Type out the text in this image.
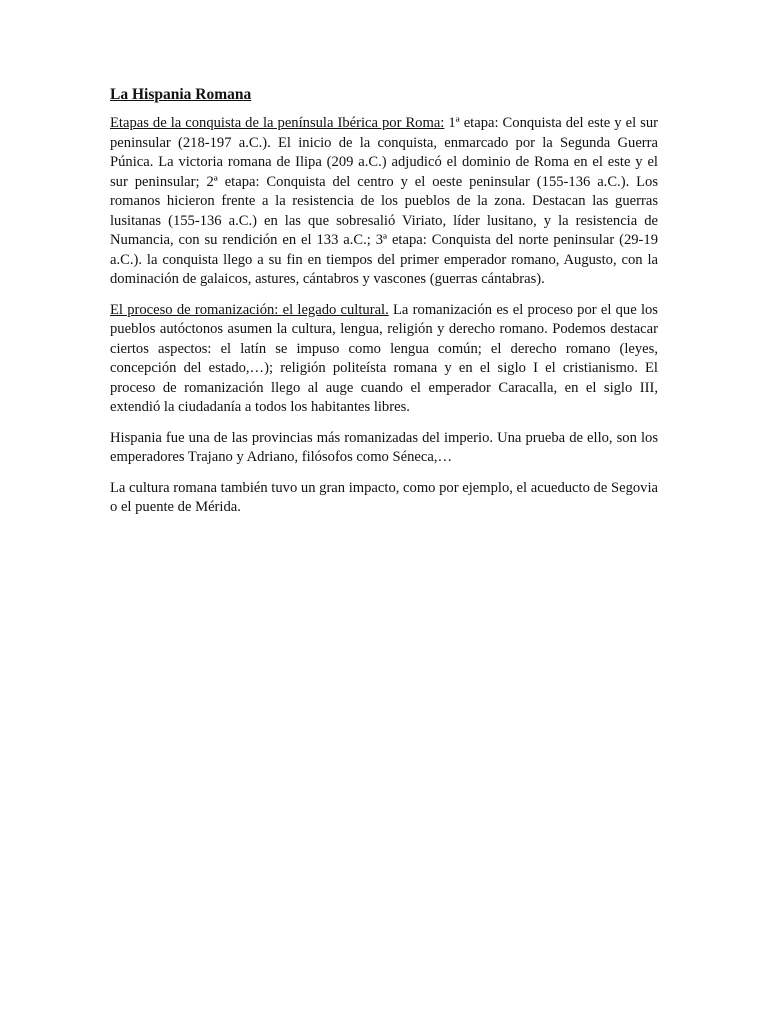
La Hispania Romana

Etapas de la conquista de la península Ibérica por Roma: 1ª etapa: Conquista del este y el sur peninsular (218-197 a.C.). El inicio de la conquista, enmarcado por la Segunda Guerra Púnica. La victoria romana de Ilipa (209 a.C.) adjudicó el dominio de Roma en el este y el sur peninsular; 2ª etapa: Conquista del centro y el oeste peninsular (155-136 a.C.). Los romanos hicieron frente a la resistencia de los pueblos de la zona. Destacan las guerras lusitanas (155-136 a.C.) en las que sobresalió Viriato, líder lusitano, y la resistencia de Numancia, con su rendición en el 133 a.C.; 3ª etapa: Conquista del norte peninsular (29-19 a.C.). la conquista llego a su fin en tiempos del primer emperador romano, Augusto, con la dominación de galaicos, astures, cántabros y vascones (guerras cántabras).

El proceso de romanización: el legado cultural. La romanización es el proceso por el que los pueblos autóctonos asumen la cultura, lengua, religión y derecho romano. Podemos destacar ciertos aspectos: el latín se impuso como lengua común; el derecho romano (leyes, concepción del estado,…); religión politeísta romana y en el siglo I el cristianismo. El proceso de romanización llego al auge cuando el emperador Caracalla, en el siglo III, extendió la ciudadanía a todos los habitantes libres.

Hispania fue una de las provincias más romanizadas del imperio. Una prueba de ello, son los emperadores Trajano y Adriano, filósofos como Séneca,…

La cultura romana también tuvo un gran impacto, como por ejemplo, el acueducto de Segovia o el puente de Mérida.
